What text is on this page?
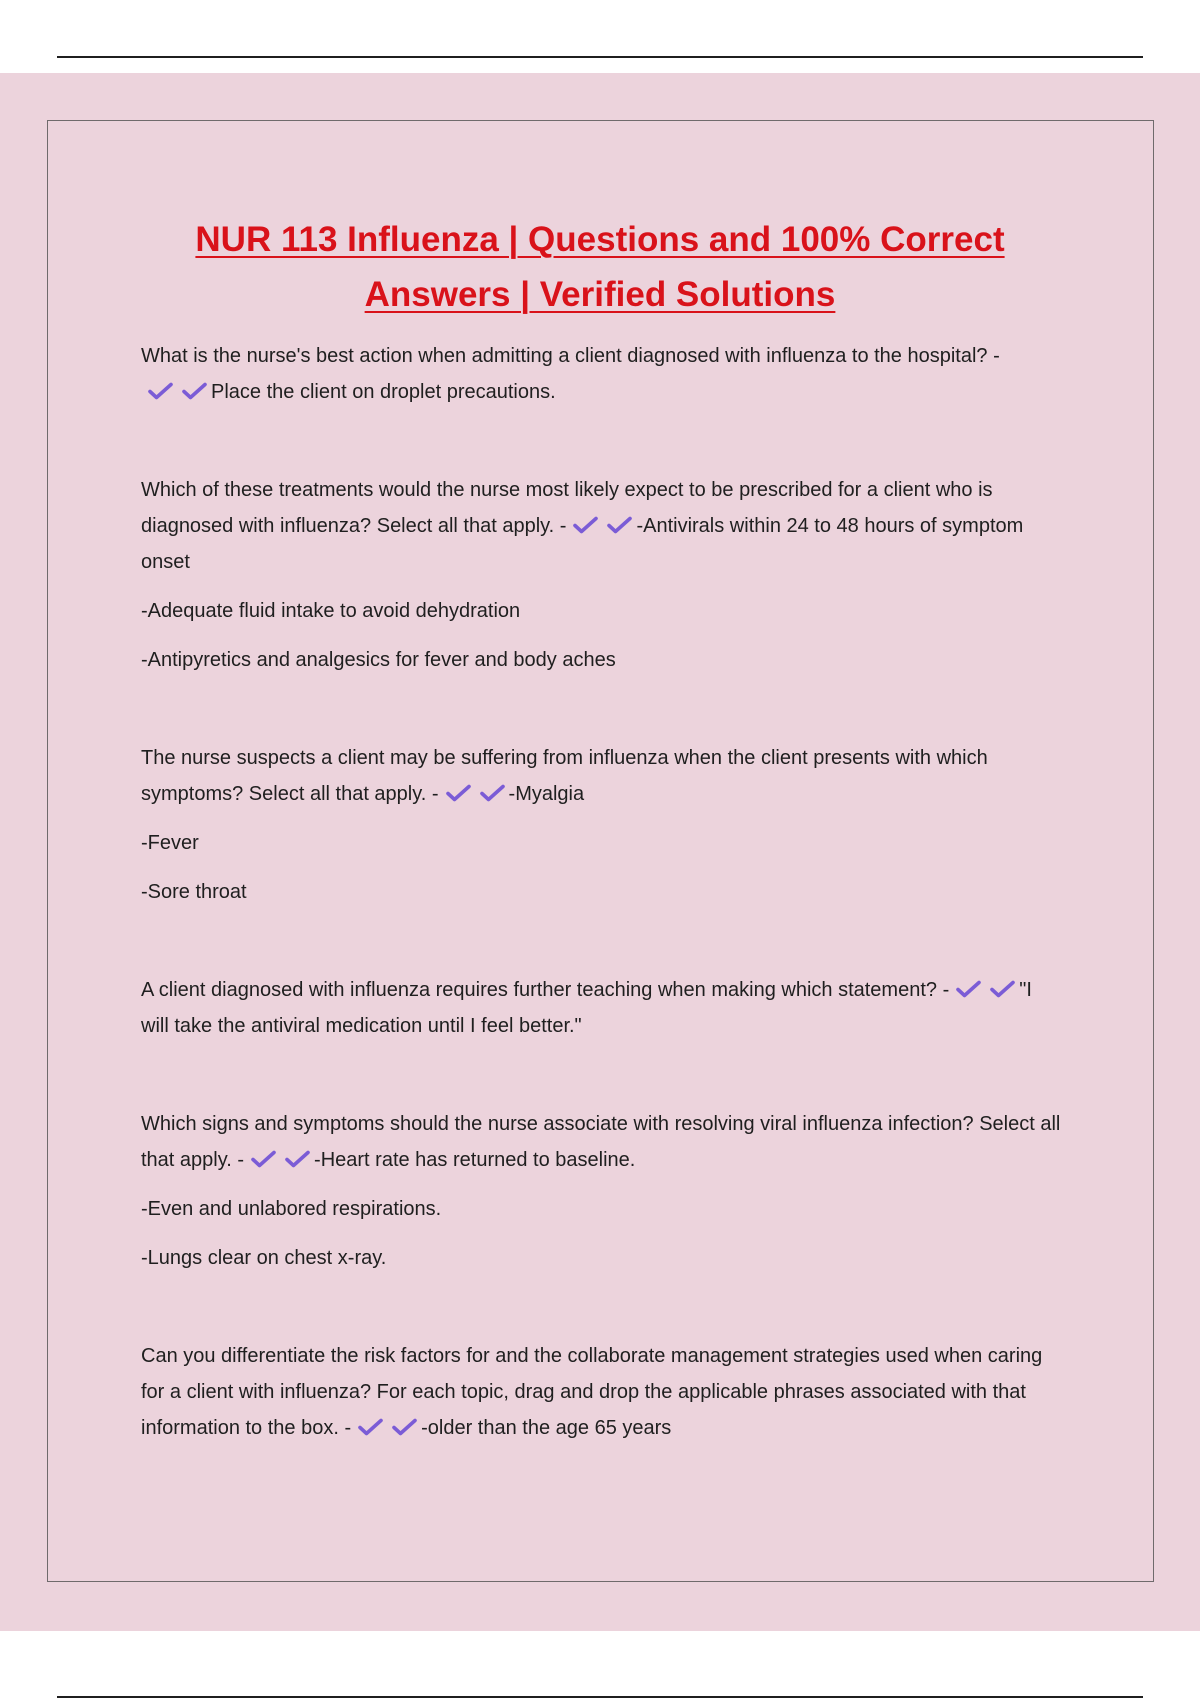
NUR 113 Influenza | Questions and 100% Correct
Answers | Verified Solutions
What is the nurse's best action when admitting a client diagnosed with influenza to the hospital? -
Place the client on droplet precautions.
Which of these treatments would the nurse most likely expect to be prescribed for a client who is diagnosed with influenza? Select all that apply. -	-Antivirals within 24 to 48 hours of symptom onset
-Adequate fluid intake to avoid dehydration
-Antipyretics and analgesics for fever and body aches
The nurse suspects a client may be suffering from influenza when the client presents with which symptoms? Select all that apply. -	-Myalgia
-Fever
-Sore throat
A client diagnosed with influenza requires further teaching when making which statement? -	"I will take the antiviral medication until I feel better."
Which signs and symptoms should the nurse associate with resolving viral influenza infection? Select all that apply. -	-Heart rate has returned to baseline.
-Even and unlabored respirations.
-Lungs clear on chest x-ray.
Can you differentiate the risk factors for and the collaborate management strategies used when caring for a client with influenza? For each topic, drag and drop the applicable phrases associated with that information to the box. -	-older than the age 65 years
